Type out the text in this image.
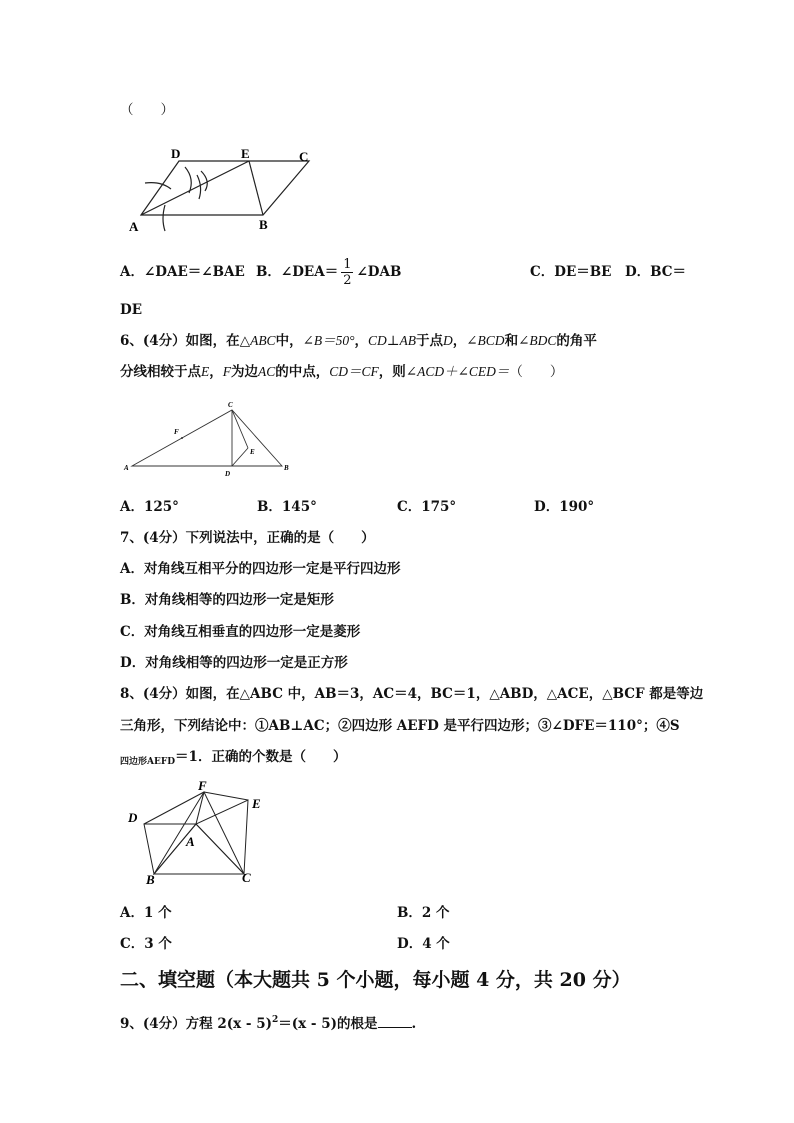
（　　）
A	B
C
D	E
A．∠DAE＝∠BAE B．∠DEA＝ $\frac{1}{2}$ ∠DAB	C．DE＝BE　D．BC＝
DE
6、(4分）如图，在△ABC中，∠B＝50°，CD⊥AB于点D，∠BCD和∠BDC的角平
分线相较于点E，F为边AC的中点，CD＝CF，则∠ACD＋∠CED＝（　　）
A	B
C
D
E
F
A．125°	B．145°	C．175°	D．190°
7、(4分）下列说法中，正确的是（　　）
A．对角线互相平分的四边形一定是平行四边形
B．对角线相等的四边形一定是矩形
C．对角线互相垂直的四边形一定是菱形
D．对角线相等的四边形一定是正方形
8、(4分）如图，在△ABC 中，AB＝3，AC＝4，BC＝1，△ABD，△ACE，△BCF 都是等边
三角形，下列结论中：①AB⊥AC；②四边形 AEFD 是平行四边形；③∠DFE＝110°；④S
$_{四边形AEFD}$＝1．正确的个数是（　　）
D
F
E
A
B	C
A．1 个	B．2 个
C．3 个	D．4 个
二、填空题（本大题共 5 个小题，每小题 4 分，共 20 分）
9、(4分）方程 2(x - 5)$^2$＝(x - 5)的根是	.
